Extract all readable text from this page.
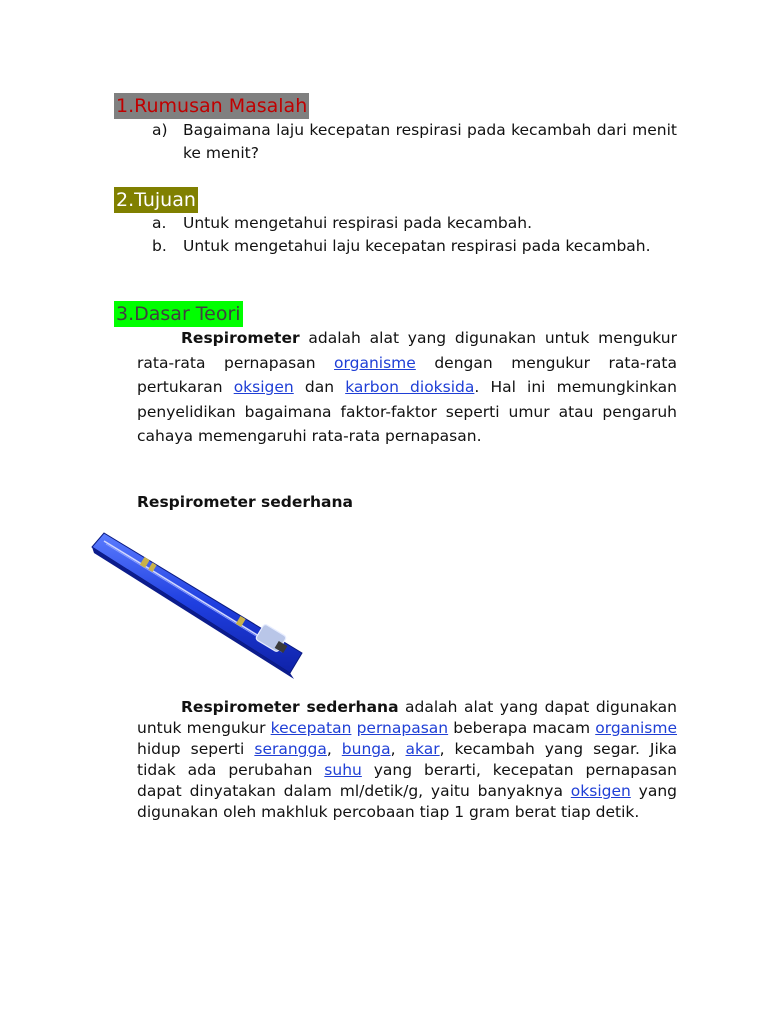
1.Rumusan Masalah
a) Bagaimana laju kecepatan respirasi pada kecambah dari menit ke menit?
2.Tujuan
a. Untuk mengetahui respirasi pada kecambah.
b. Untuk mengetahui laju kecepatan respirasi pada kecambah.
3.Dasar Teori

Respirometer adalah alat yang digunakan untuk mengukur rata-rata pernapasan organisme dengan mengukur rata-rata pertukaran oksigen dan karbon dioksida. Hal ini memungkinkan penyelidikan bagaimana faktor-faktor seperti umur atau pengaruh cahaya memengaruhi rata-rata pernapasan.

Respirometer sederhana

Respirometer sederhana adalah alat yang dapat digunakan untuk mengukur kecepatan pernapasan beberapa macam organisme hidup seperti serangga, bunga, akar, kecambah yang segar. Jika tidak ada perubahan suhu yang berarti, kecepatan pernapasan dapat dinyatakan dalam ml/detik/g, yaitu banyaknya oksigen yang digunakan oleh makhluk percobaan tiap 1 gram berat tiap detik.
